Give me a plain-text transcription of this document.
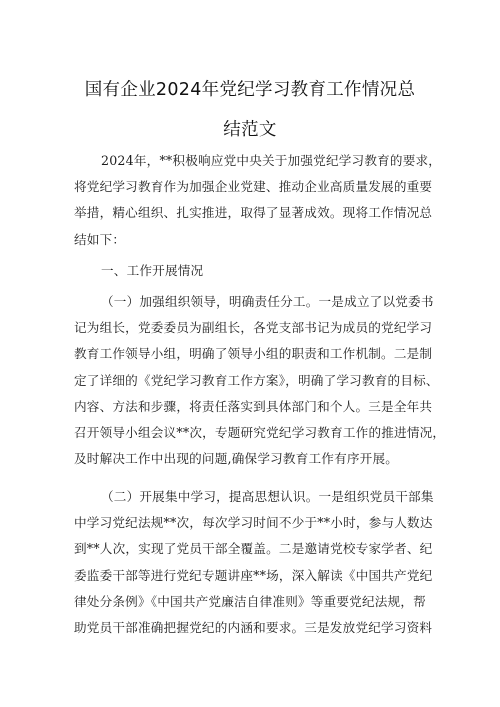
国有企业2024年党纪学习教育工作情况总
结范文
2024年，**积极响应党中央关于加强党纪学习教育的要求，
将党纪学习教育作为加强企业党建、推动企业高质量发展的重要
举措，精心组织、扎实推进，取得了显著成效。现将工作情况总
结如下：
一、工作开展情况
（一）加强组织领导，明确责任分工。一是成立了以党委书
记为组长，党委委员为副组长，各党支部书记为成员的党纪学习
教育工作领导小组，明确了领导小组的职责和工作机制。二是制
定了详细的《党纪学习教育工作方案》，明确了学习教育的目标、
内容、方法和步骤，将责任落实到具体部门和个人。三是全年共
召开领导小组会议**次，专题研究党纪学习教育工作的推进情况，
及时解决工作中出现的问题,确保学习教育工作有序开展。
（二）开展集中学习，提高思想认识。一是组织党员干部集
中学习党纪法规**次，每次学习时间不少于**小时，参与人数达
到**人次，实现了党员干部全覆盖。二是邀请党校专家学者、纪
委监委干部等进行党纪专题讲座**场，深入解读《中国共产党纪
律处分条例》《中国共产党廉洁自律准则》等重要党纪法规，帮
助党员干部准确把握党纪的内涵和要求。三是发放党纪学习资料
